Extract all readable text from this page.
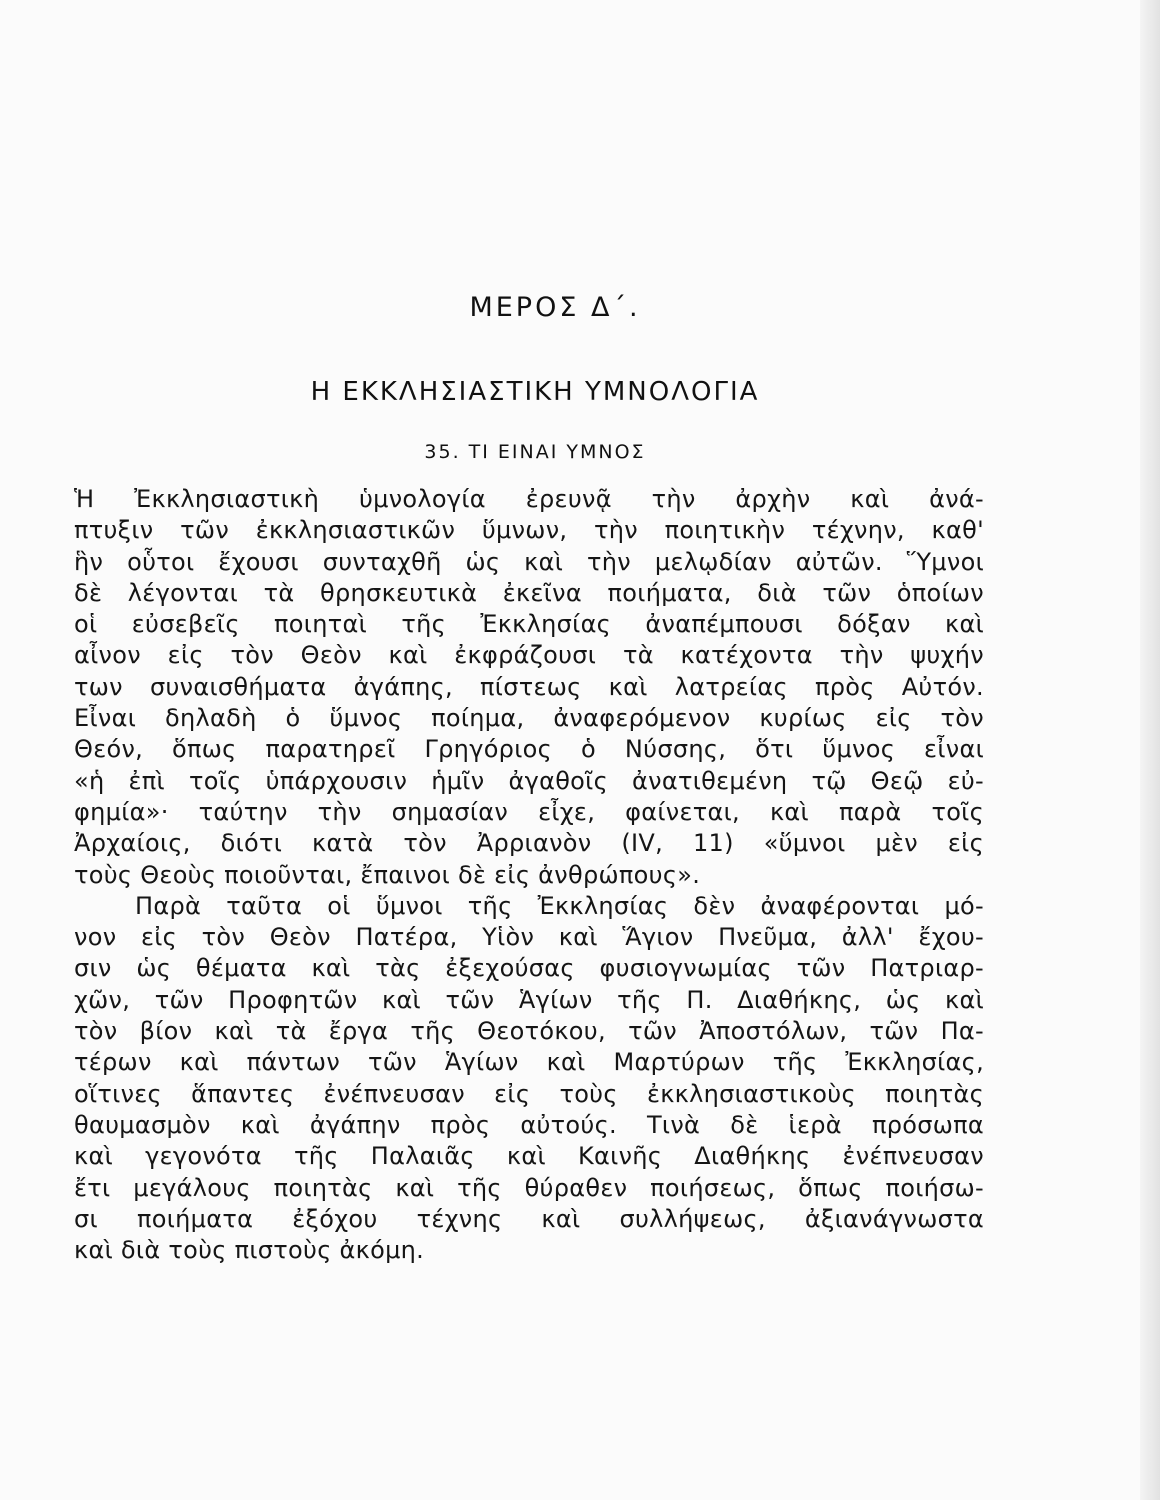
ΜΕΡΟΣ Δ΄.
Η ΕΚΚΛΗΣΙΑΣΤΙΚΗ ΥΜΝΟΛΟΓΙΑ
35. ΤΙ ΕΙΝΑΙ ΥΜΝΟΣ
Ἡ Ἐκκλησιαστικὴ ὑμνολογία ἐρευνᾷ τὴν ἀρχὴν καὶ ἀνά-
πτυξιν τῶν ἐκκλησιαστικῶν ὕμνων, τὴν ποιητικὴν τέχνην, καθ'
ἣν οὗτοι ἔχουσι συνταχθῆ ὡς καὶ τὴν μελῳδίαν αὐτῶν. Ὕμνοι
δὲ λέγονται τὰ θρησκευτικὰ ἐκεῖνα ποιήματα, διὰ τῶν ὁποίων
οἱ εὐσεβεῖς ποιηταὶ τῆς Ἐκκλησίας ἀναπέμπουσι δόξαν καὶ
αἶνον εἰς τὸν Θεὸν καὶ ἐκφράζουσι τὰ κατέχοντα τὴν ψυχήν
των συναισθήματα ἀγάπης, πίστεως καὶ λατρείας πρὸς Αὐτόν.
Εἶναι δηλαδὴ ὁ ὕμνος ποίημα, ἀναφερόμενον κυρίως εἰς τὸν
Θεόν, ὅπως παρατηρεῖ Γρηγόριος ὁ Νύσσης, ὅτι ὕμνος εἶναι
«ἡ ἐπὶ τοῖς ὑπάρχουσιν ἡμῖν ἀγαθοῖς ἀνατιθεμένη τῷ Θεῷ εὐ-
φημία»· ταύτην τὴν σημασίαν εἶχε, φαίνεται, καὶ παρὰ τοῖς
Ἀρχαίοις, διότι κατὰ τὸν Ἀρριανὸν (IV, 11) «ὕμνοι μὲν εἰς
τοὺς Θεοὺς ποιοῦνται, ἔπαινοι δὲ εἰς ἀνθρώπους».
Παρὰ ταῦτα οἱ ὕμνοι τῆς Ἐκκλησίας δὲν ἀναφέρονται μό-
νον εἰς τὸν Θεὸν Πατέρα, Υἱὸν καὶ Ἅγιον Πνεῦμα, ἀλλ' ἔχου-
σιν ὡς θέματα καὶ τὰς ἐξεχούσας φυσιογνωμίας τῶν Πατριαρ-
χῶν, τῶν Προφητῶν καὶ τῶν Ἁγίων τῆς Π. Διαθήκης, ὡς καὶ
τὸν βίον καὶ τὰ ἔργα τῆς Θεοτόκου, τῶν Ἀποστόλων, τῶν Πα-
τέρων καὶ πάντων τῶν Ἁγίων καὶ Μαρτύρων τῆς Ἐκκλησίας,
οἵτινες ἅπαντες ἐνέπνευσαν εἰς τοὺς ἐκκλησιαστικοὺς ποιητὰς
θαυμασμὸν καὶ ἀγάπην πρὸς αὐτούς. Τινὰ δὲ ἱερὰ πρόσωπα
καὶ γεγονότα τῆς Παλαιᾶς καὶ Καινῆς Διαθήκης ἐνέπνευσαν
ἔτι μεγάλους ποιητὰς καὶ τῆς θύραθεν ποιήσεως, ὅπως ποιήσω-
σι ποιήματα ἐξόχου τέχνης καὶ συλλήψεως, ἀξιανάγνωστα
καὶ διὰ τοὺς πιστοὺς ἀκόμη.
